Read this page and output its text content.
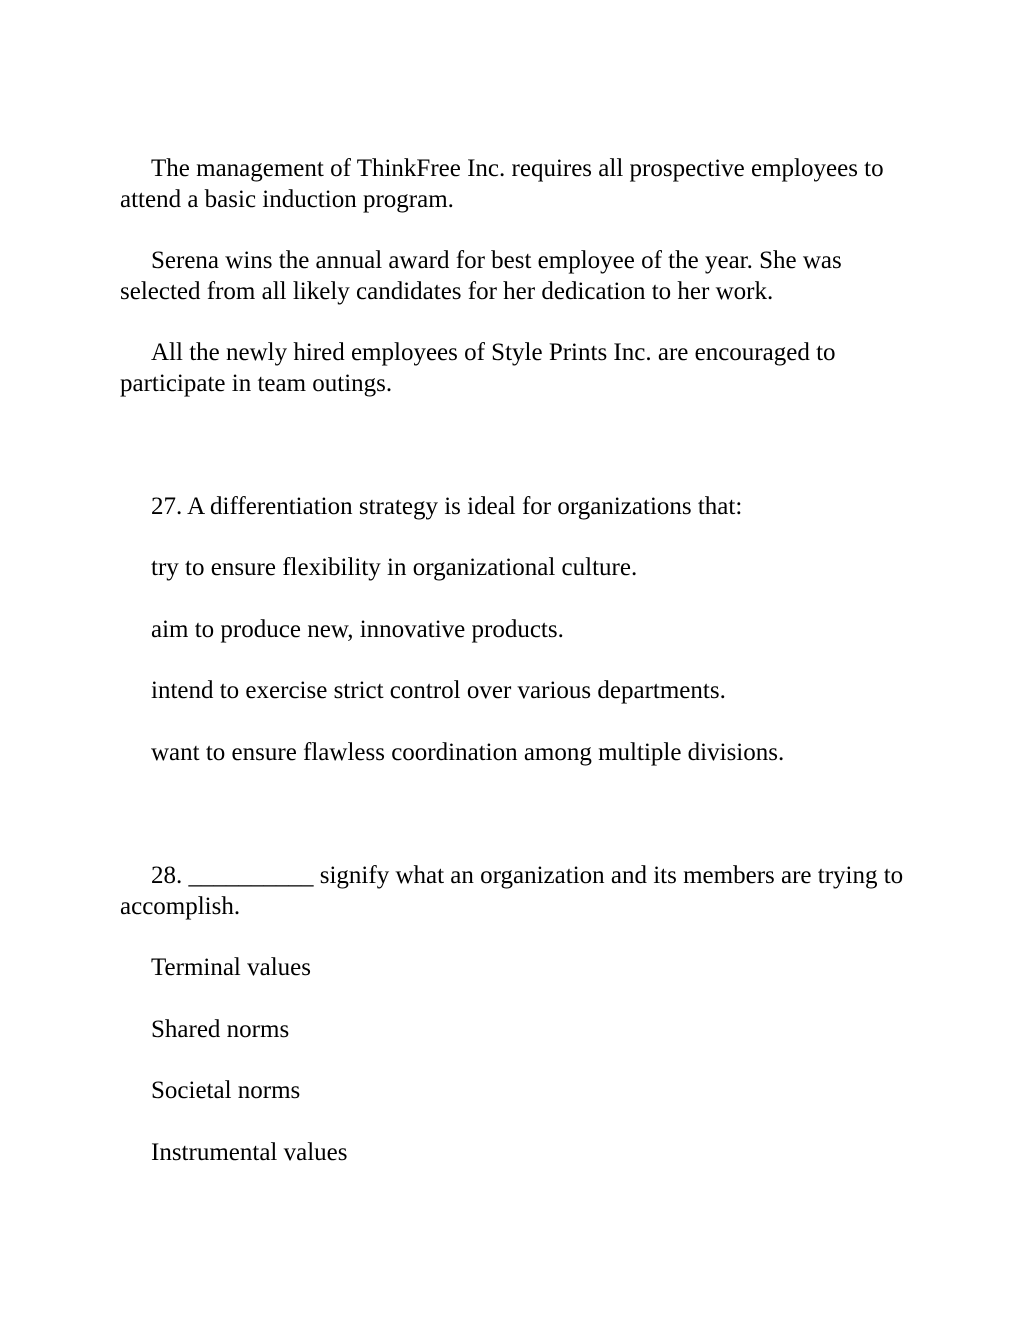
The management of ThinkFree Inc. requires all prospective employees to attend a basic induction program.

Serena wins the annual award for best employee of the year. She was selected from all likely candidates for her dedication to her work.

All the newly hired employees of Style Prints Inc. are encouraged to participate in team outings.

27. A differentiation strategy is ideal for organizations that:

try to ensure flexibility in organizational culture.

aim to produce new, innovative products.

intend to exercise strict control over various departments.

want to ensure flawless coordination among multiple divisions.

28. __________ signify what an organization and its members are trying to accomplish.

Terminal values

Shared norms

Societal norms

Instrumental values
